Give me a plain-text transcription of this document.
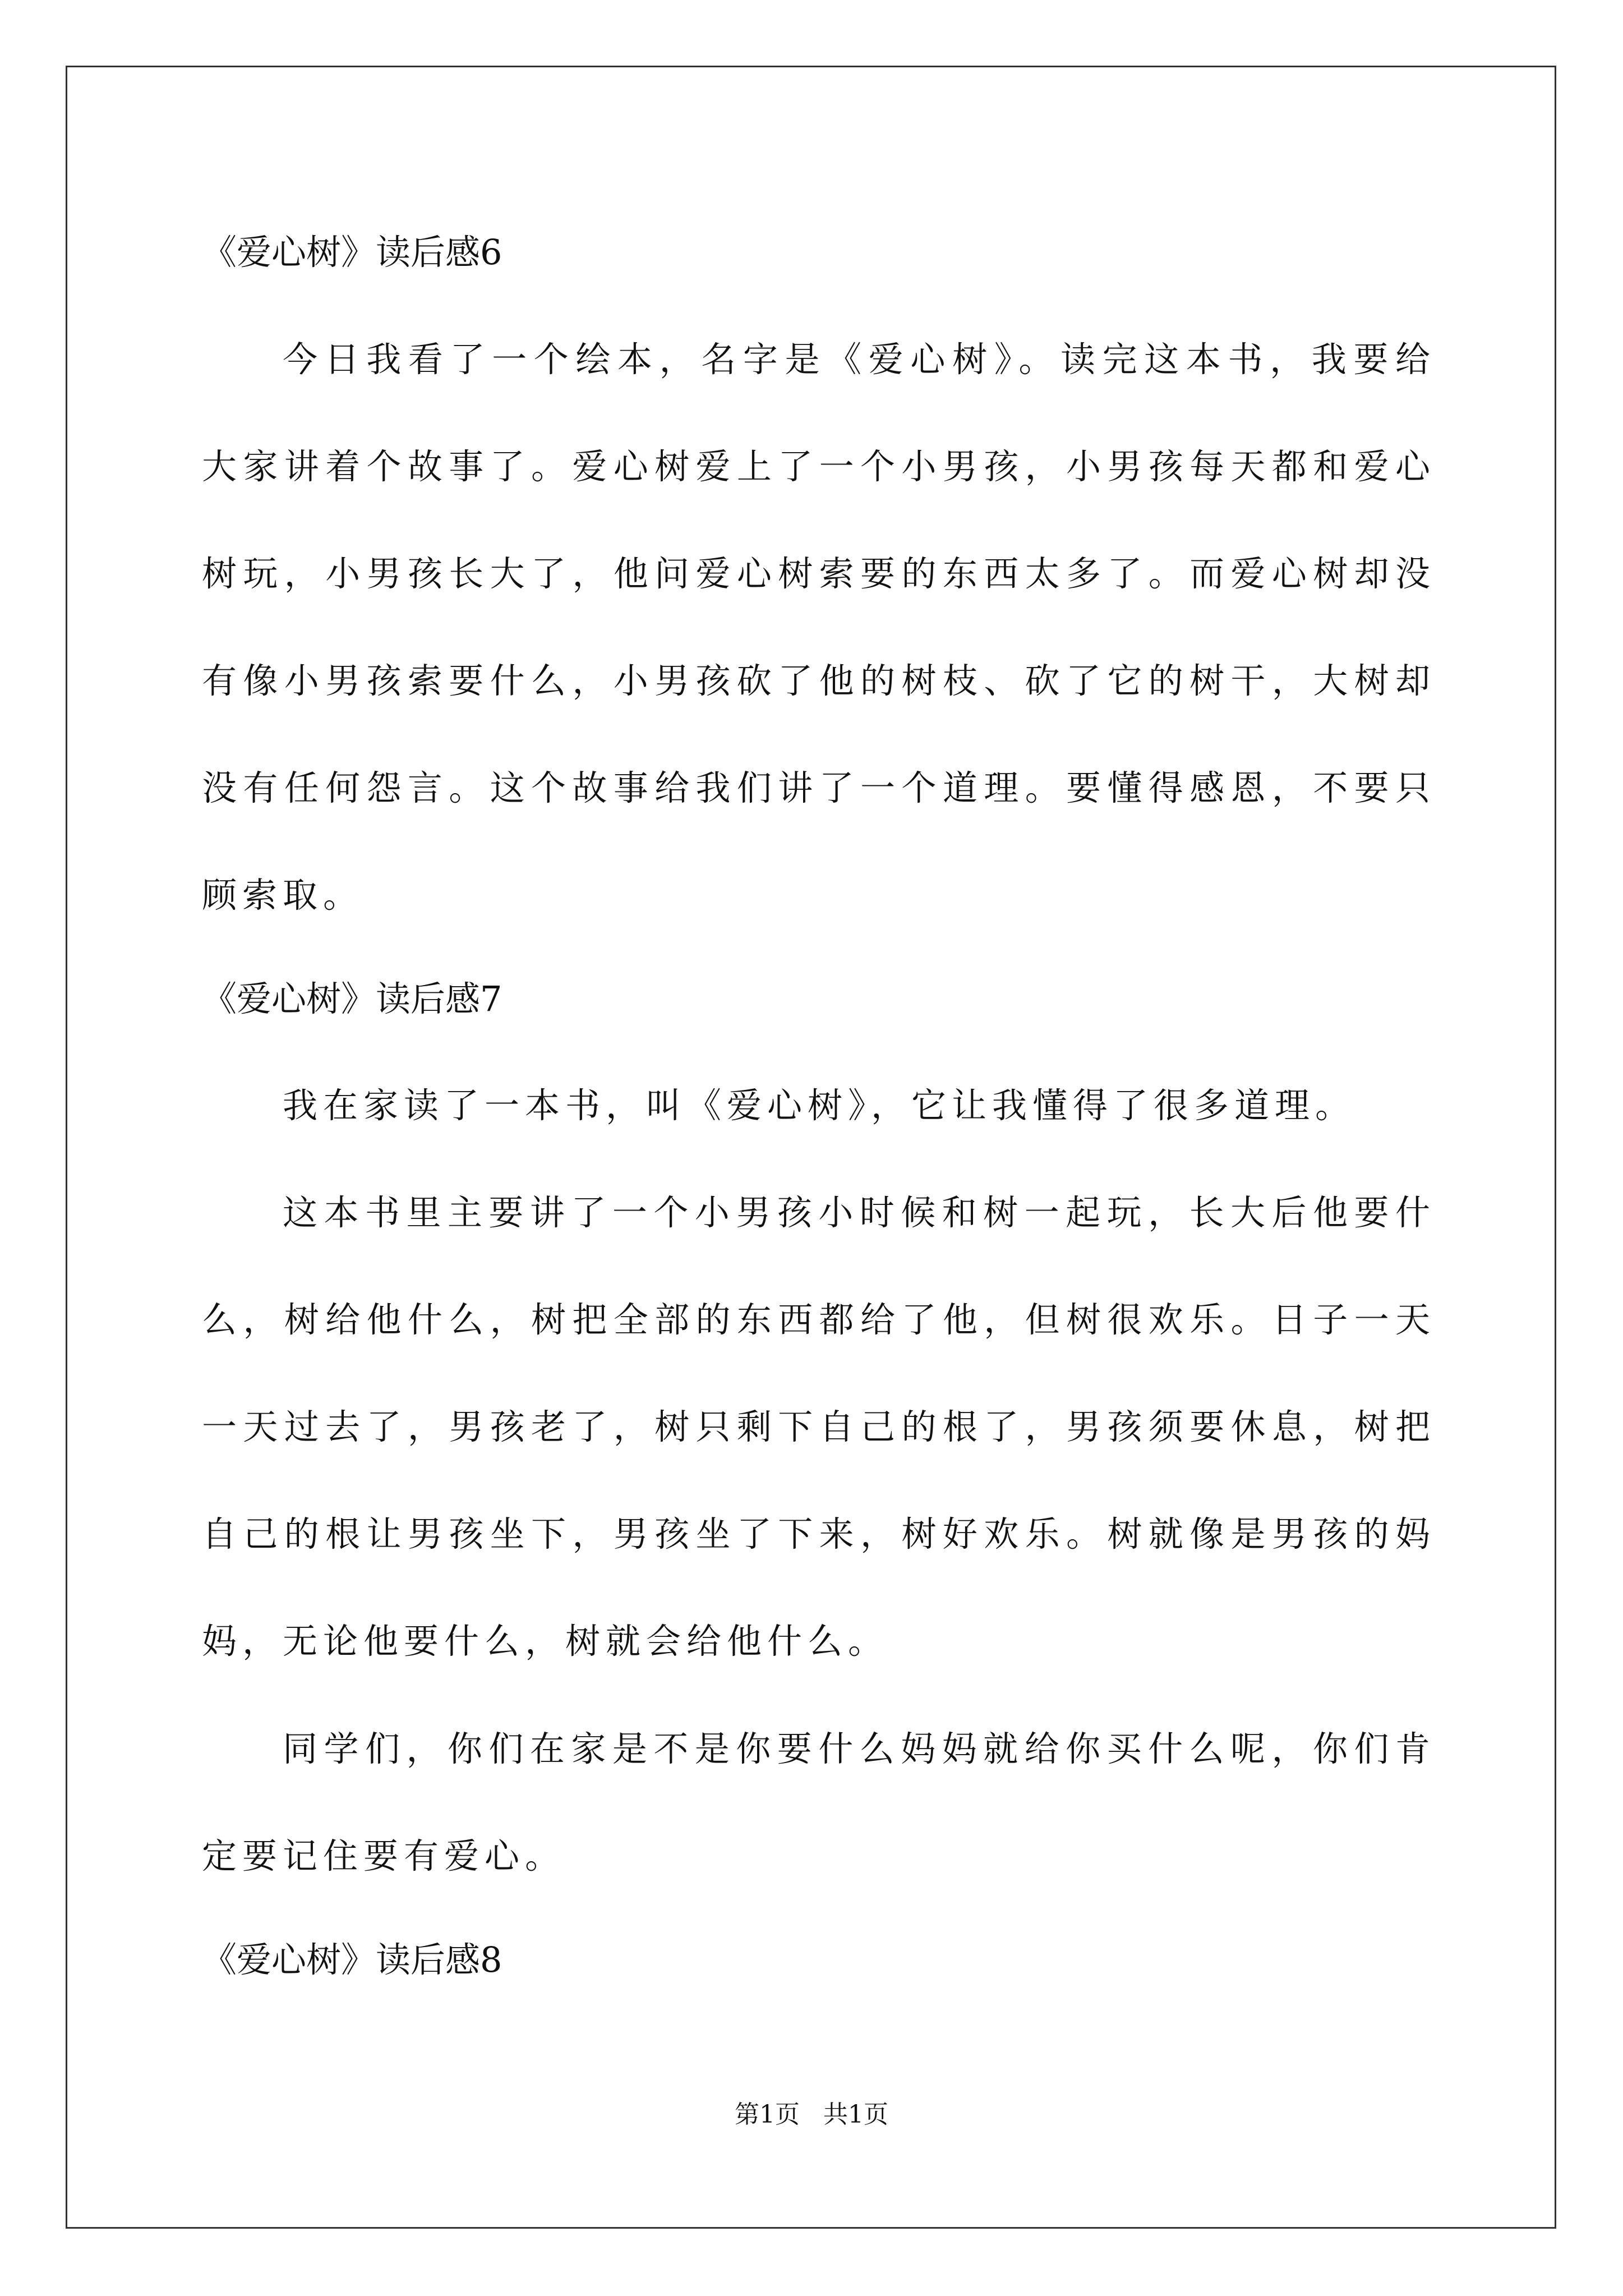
《爱心树》读后感6
今日我看了一个绘本，名字是《爱心树》。读完这本书，我要给大家讲着个故事了。爱心树爱上了一个小男孩，小男孩每天都和爱心树玩，小男孩长大了，他问爱心树索要的东西太多了。而爱心树却没有像小男孩索要什么，小男孩砍了他的树枝、砍了它的树干，大树却没有任何怨言。这个故事给我们讲了一个道理。要懂得感恩，不要只顾索取。
《爱心树》读后感7
我在家读了一本书，叫《爱心树》，它让我懂得了很多道理。
这本书里主要讲了一个小男孩小时候和树一起玩，长大后他要什么，树给他什么，树把全部的东西都给了他，但树很欢乐。日子一天一天过去了，男孩老了，树只剩下自己的根了，男孩须要休息，树把自己的根让男孩坐下，男孩坐了下来，树好欢乐。树就像是男孩的妈妈，无论他要什么，树就会给他什么。
同学们，你们在家是不是你要什么妈妈就给你买什么呢，你们肯定要记住要有爱心。
《爱心树》读后感8
第1页   共1页
